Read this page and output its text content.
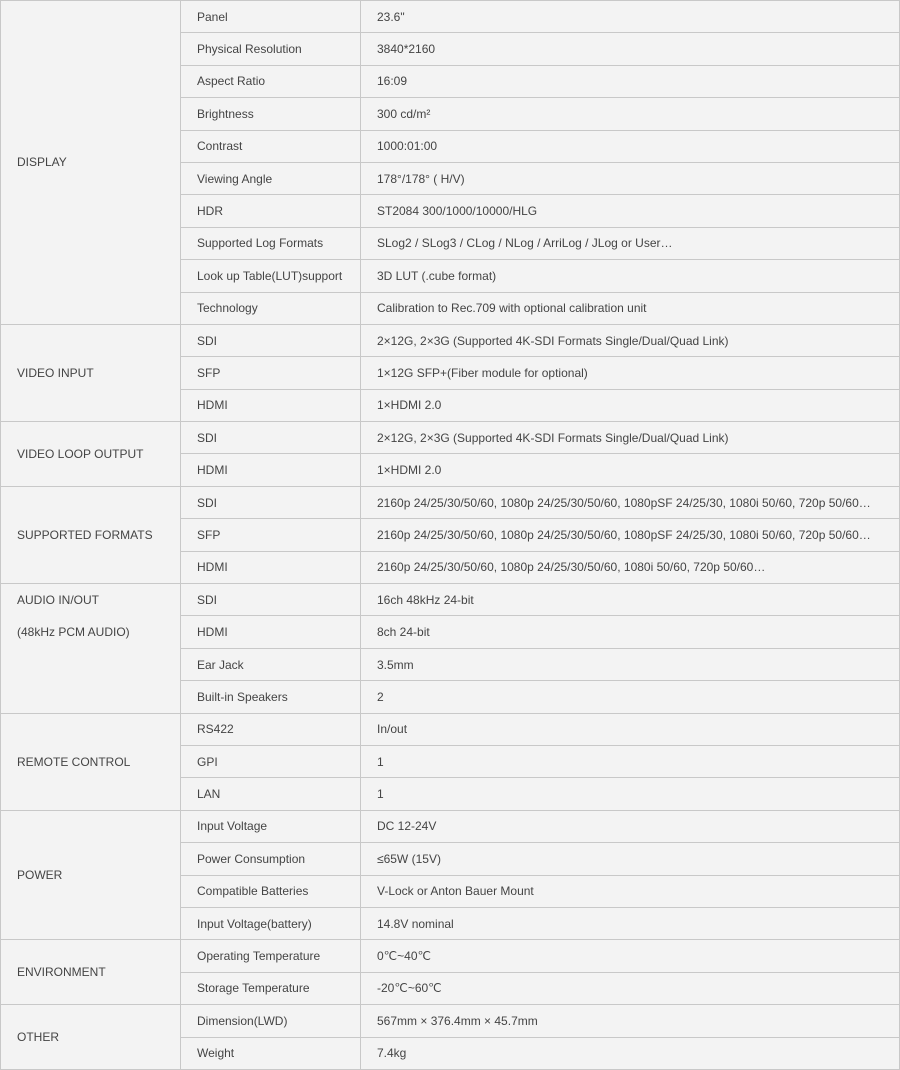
DISPLAY	Panel	23.6"
	Physical Resolution	3840*2160
	Aspect Ratio	16:09
	Brightness	300 cd/m²
	Contrast	1000:01:00
	Viewing Angle	178°/178° ( H/V)
	HDR	ST2084 300/1000/10000/HLG
	Supported Log Formats	SLog2 / SLog3 / CLog / NLog / ArriLog / JLog or User…
	Look up Table(LUT)support	3D LUT (.cube format)
	Technology	Calibration to Rec.709 with optional calibration unit

VIDEO INPUT	SDI	2×12G, 2×3G (Supported 4K-SDI Formats Single/Dual/Quad Link)
	SFP	1×12G SFP+(Fiber module for optional)
	HDMI	1×HDMI 2.0

VIDEO LOOP OUTPUT	SDI	2×12G, 2×3G (Supported 4K-SDI Formats Single/Dual/Quad Link)
	HDMI	1×HDMI 2.0

SUPPORTED FORMATS	SDI	2160p 24/25/30/50/60, 1080p 24/25/30/50/60, 1080pSF 24/25/30, 1080i 50/60, 720p 50/60…
	SFP	2160p 24/25/30/50/60, 1080p 24/25/30/50/60, 1080pSF 24/25/30, 1080i 50/60, 720p 50/60…
	HDMI	2160p 24/25/30/50/60, 1080p 24/25/30/50/60, 1080i 50/60, 720p 50/60…

AUDIO IN/OUT
(48kHz PCM AUDIO)	SDI	16ch 48kHz 24-bit
	HDMI	8ch 24-bit
	Ear Jack	3.5mm
	Built-in Speakers	2

REMOTE CONTROL	RS422	In/out
	GPI	1
	LAN	1

POWER	Input Voltage	DC 12-24V
	Power Consumption	≤65W (15V)
	Compatible Batteries	V-Lock or Anton Bauer Mount
	Input Voltage(battery)	14.8V nominal

ENVIRONMENT	Operating Temperature	0℃~40℃
	Storage Temperature	-20℃~60℃

OTHER	Dimension(LWD)	567mm × 376.4mm × 45.7mm
	Weight	7.4kg
